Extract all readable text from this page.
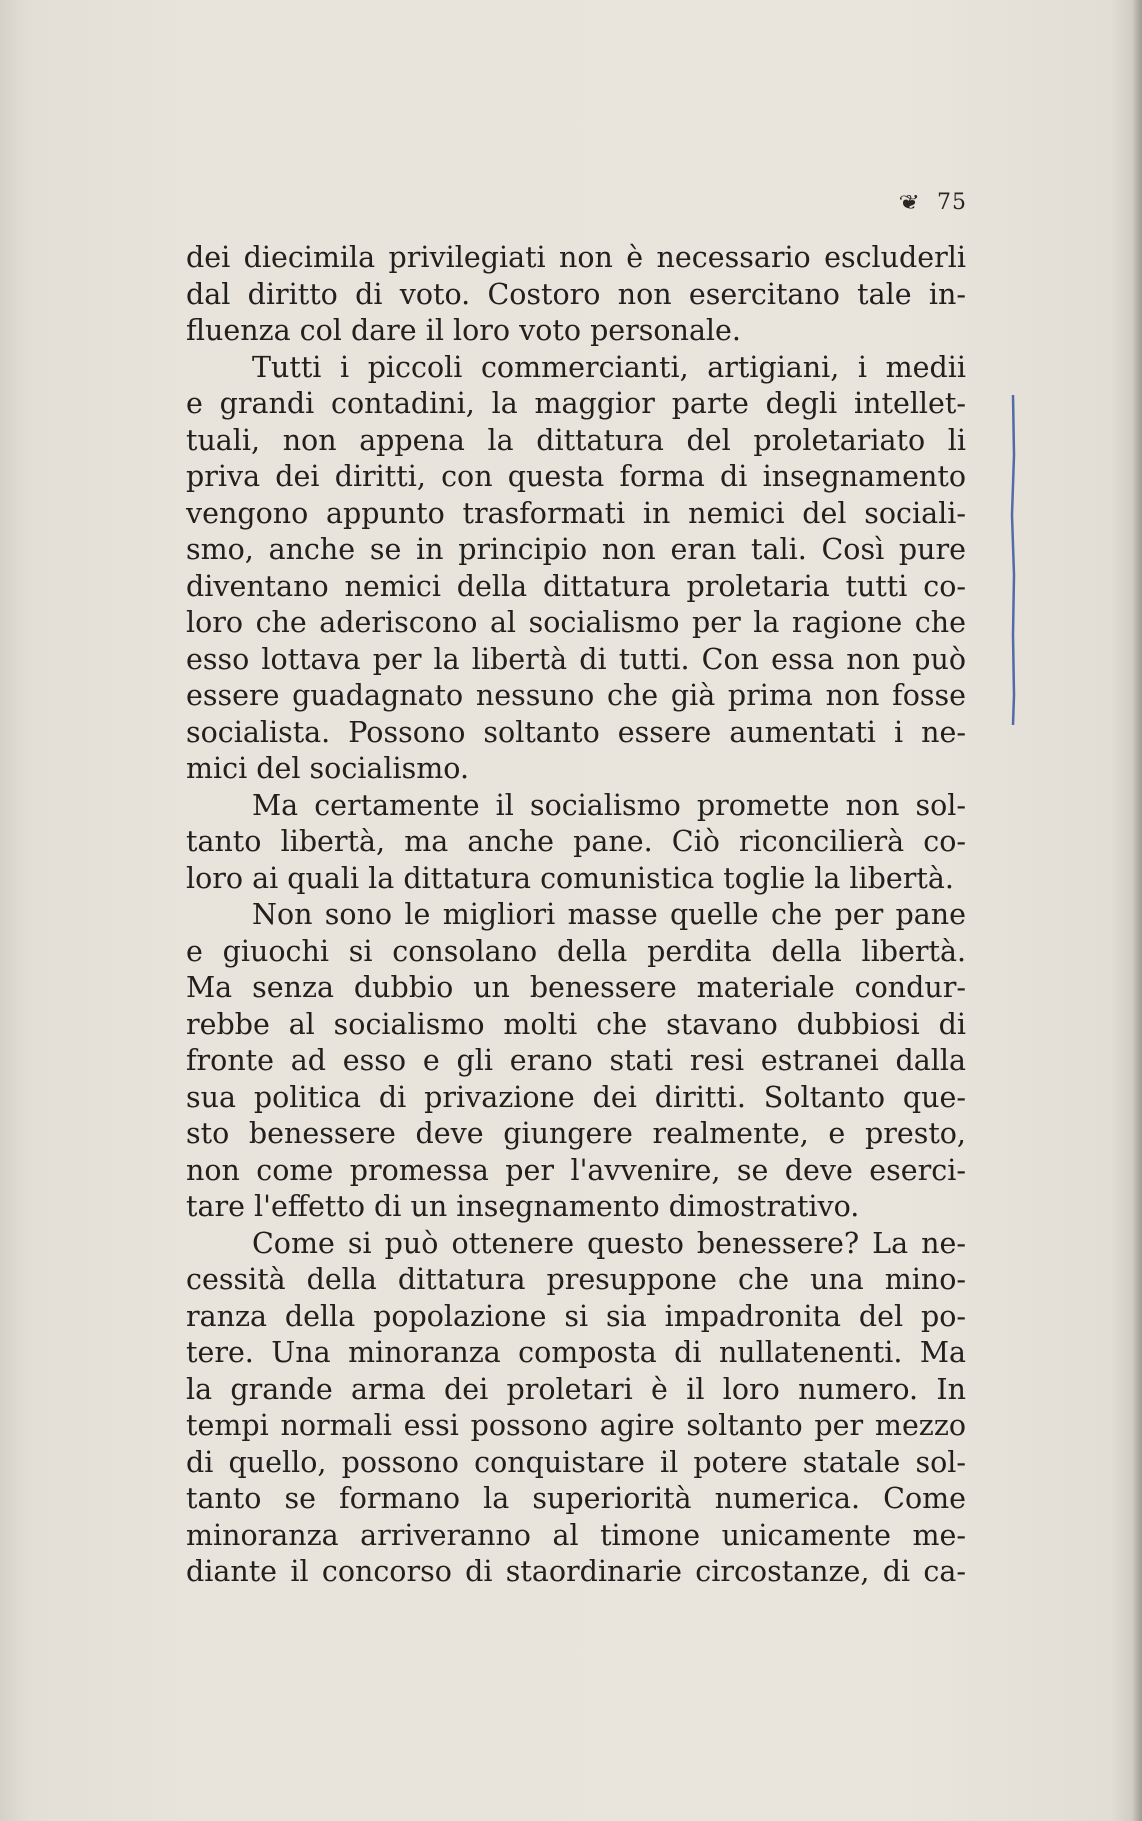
❦ 75
dei diecimila privilegiati non è necessario escluderli
dal diritto di voto. Costoro non esercitano tale in-
fluenza col dare il loro voto personale.
Tutti i piccoli commercianti, artigiani, i medii
e grandi contadini, la maggior parte degli intellet-
tuali, non appena la dittatura del proletariato li
priva dei diritti, con questa forma di insegnamento
vengono appunto trasformati in nemici del sociali-
smo, anche se in principio non eran tali. Così pure
diventano nemici della dittatura proletaria tutti co-
loro che aderiscono al socialismo per la ragione che
esso lottava per la libertà di tutti. Con essa non può
essere guadagnato nessuno che già prima non fosse
socialista. Possono soltanto essere aumentati i ne-
mici del socialismo.
Ma certamente il socialismo promette non sol-
tanto libertà, ma anche pane. Ciò riconcilierà co-
loro ai quali la dittatura comunistica toglie la libertà.
Non sono le migliori masse quelle che per pane
e giuochi si consolano della perdita della libertà.
Ma senza dubbio un benessere materiale condur-
rebbe al socialismo molti che stavano dubbiosi di
fronte ad esso e gli erano stati resi estranei dalla
sua politica di privazione dei diritti. Soltanto que-
sto benessere deve giungere realmente, e presto,
non come promessa per l'avvenire, se deve eserci-
tare l'effetto di un insegnamento dimostrativo.
Come si può ottenere questo benessere? La ne-
cessità della dittatura presuppone che una mino-
ranza della popolazione si sia impadronita del po-
tere. Una minoranza composta di nullatenenti. Ma
la grande arma dei proletari è il loro numero. In
tempi normali essi possono agire soltanto per mezzo
di quello, possono conquistare il potere statale sol-
tanto se formano la superiorità numerica. Come
minoranza arriveranno al timone unicamente me-
diante il concorso di staordinarie circostanze, di ca-
